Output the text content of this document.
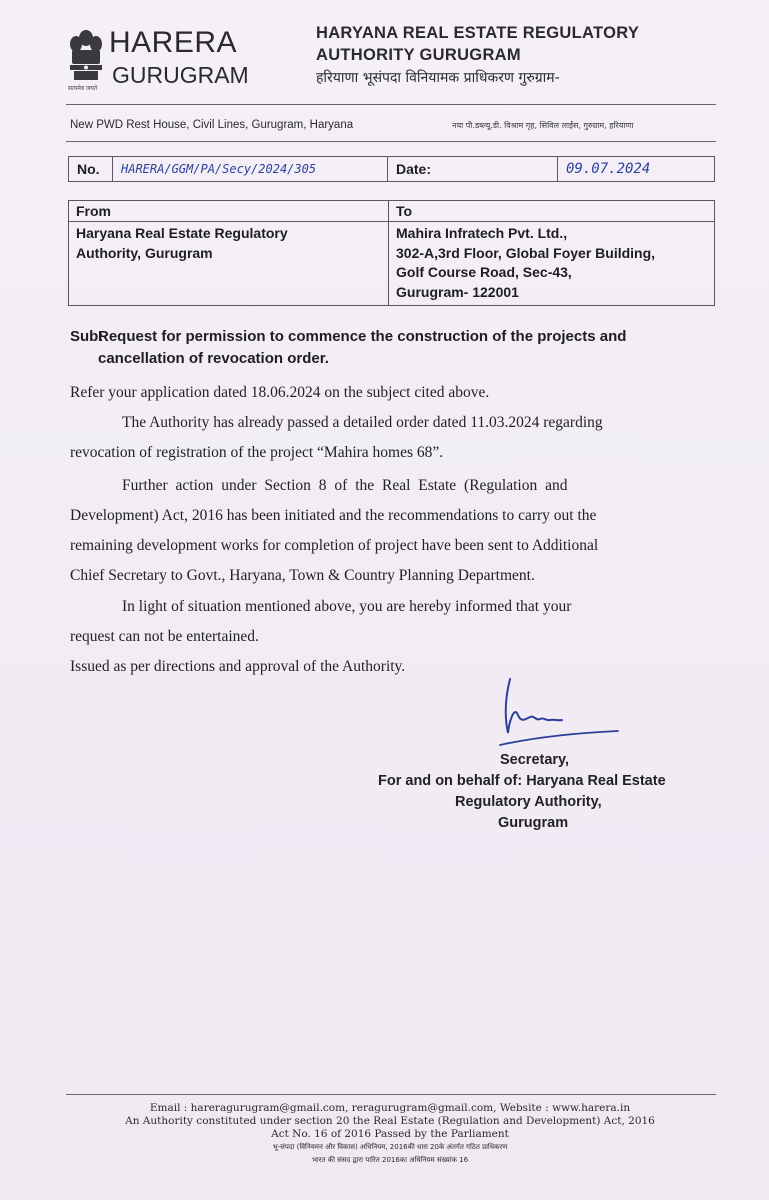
HARERA
GURUGRAM
सत्यमेव जयते
HARYANA REAL ESTATE REGULATORY
AUTHORITY GURUGRAM
हरियाणा भूसंपदा विनियामक प्राधिकरण गुरुग्राम-
New PWD Rest House, Civil Lines, Gurugram, Haryana	नया पी.डब्ल्यू.डी. विश्राम गृह, सिविल लाईंस, गुरुग्राम, हरियाणा
No. HARERA/GGM/PA/Secy/2024/305	Date:	09.07.2024
From
Haryana Real Estate Regulatory
Authority, Gurugram
To
Mahira Infratech Pvt. Ltd.,
302-A,3rd Floor, Global Foyer Building,
Golf Course Road, Sec-43,
Gurugram- 122001
Sub:
Request for permission to commence the construction of the projects and
cancellation of revocation order.
Refer your application dated 18.06.2024 on the subject cited above.
The Authority has already passed a detailed order dated 11.03.2024 regarding
revocation of registration of the project “Mahira homes 68”.
Further action under Section 8 of the Real Estate (Regulation and
Development) Act, 2016 has been initiated and the recommendations to carry out the
remaining development works for completion of project have been sent to Additional
Chief Secretary to Govt., Haryana, Town & Country Planning Department.
In light of situation mentioned above, you are hereby informed that your
request can not be entertained.
Issued as per directions and approval of the Authority.
Secretary,
For and on behalf of: Haryana Real Estate
Regulatory Authority,
Gurugram
Email : hareragurugram@gmail.com, reragurugram@gmail.com, Website : www.harera.in
An Authority constituted under section 20 the Real Estate (Regulation and Development) Act, 2016
Act No. 16 of 2016 Passed by the Parliament
भू-संपदा (विनियमन और विकास) अधिनियम, 2016की धारा 20के अंतर्गत गठित प्राधिकरण
भारत की संसद द्वारा पारित 2016का अधिनियम संख्यांक 16
